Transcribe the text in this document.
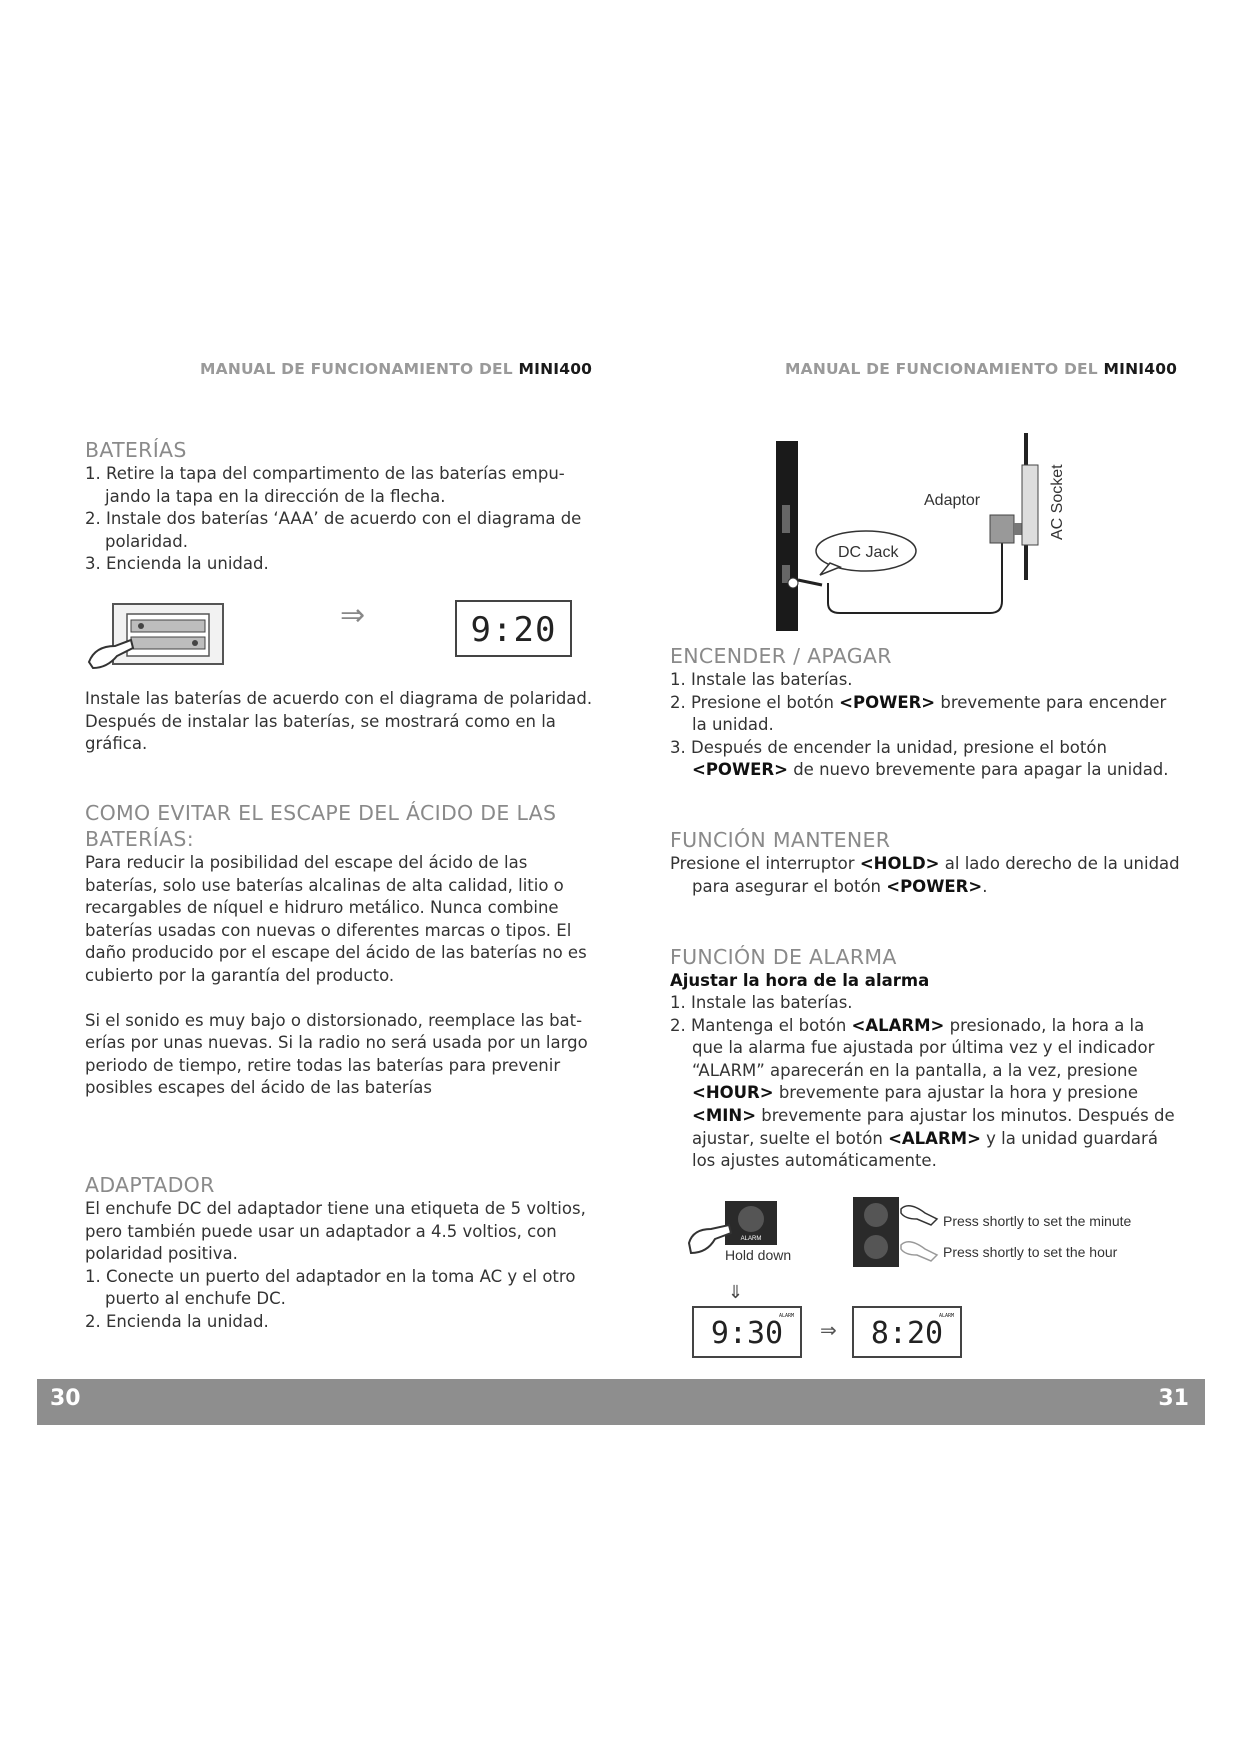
MANUAL DE FUNCIONAMIENTO DEL MINI400
BATERÍAS
1. Retire la tapa del compartimento de las baterías empu-jando la tapa en la dirección de la flecha.
2. Instale dos baterías ‘AAA’ de acuerdo con el diagrama de polaridad.
3. Encienda la unidad.
⇒	9:20

Instale las baterías de acuerdo con el diagrama de polaridad. Después de instalar las baterías, se mostrará como en la gráfica.

COMO EVITAR EL ESCAPE DEL ÁCIDO DE LAS BATERÍAS:

Para reducir la posibilidad del escape del ácido de las baterías, solo use baterías alcalinas de alta calidad, litio o recargables de níquel e hidruro metálico. Nunca combine baterías usadas con nuevas o diferentes marcas o tipos. El daño producido por el escape del ácido de las baterías no es cubierto por la garantía del producto.

Si el sonido es muy bajo o distorsionado, reemplace las bat-erías por unas nuevas. Si la radio no será usada por un largo periodo de tiempo, retire todas las baterías para prevenir posibles escapes del ácido de las baterías

ADAPTADOR

El enchufe DC del adaptador tiene una etiqueta de 5 voltios, pero también puede usar un adaptador a 4.5 voltios, con polaridad positiva.

1. Conecte un puerto del adaptador en la toma AC y el otro puerto al enchufe DC.
2. Encienda la unidad.
MANUAL DE FUNCIONAMIENTO DEL MINI400
Adaptor
DC Jack
AC Socket
ENCENDER / APAGAR

1. Instale las baterías.

2. Presione el botón <POWER> brevemente para encender la unidad.

3. Después de encender la unidad, presione el botón <POWER> de nuevo brevemente para apagar la unidad.

FUNCIÓN MANTENER

Presione el interruptor <HOLD> al lado derecho de la unidad para asegurar el botón <POWER>.

FUNCIÓN DE ALARMA
Ajustar la hora de la alarma

1. Instale las baterías.

2. Mantenga el botón <ALARM> presionado, la hora a la que la alarma fue ajustada por última vez y el indicador “ALARM” aparecerán en la pantalla, a la vez, presione <HOUR> brevemente para ajustar la hora y presione <MIN> brevemente para ajustar los minutos. Después de ajustar, suelte el botón <ALARM> y la unidad guardará los ajustes automáticamente.

ALARM
Hold down
Press shortly to set the minute
Press shortly to set the hour
⇓
9:30
ALARM
⇒	8:20
ALARM
30	31
